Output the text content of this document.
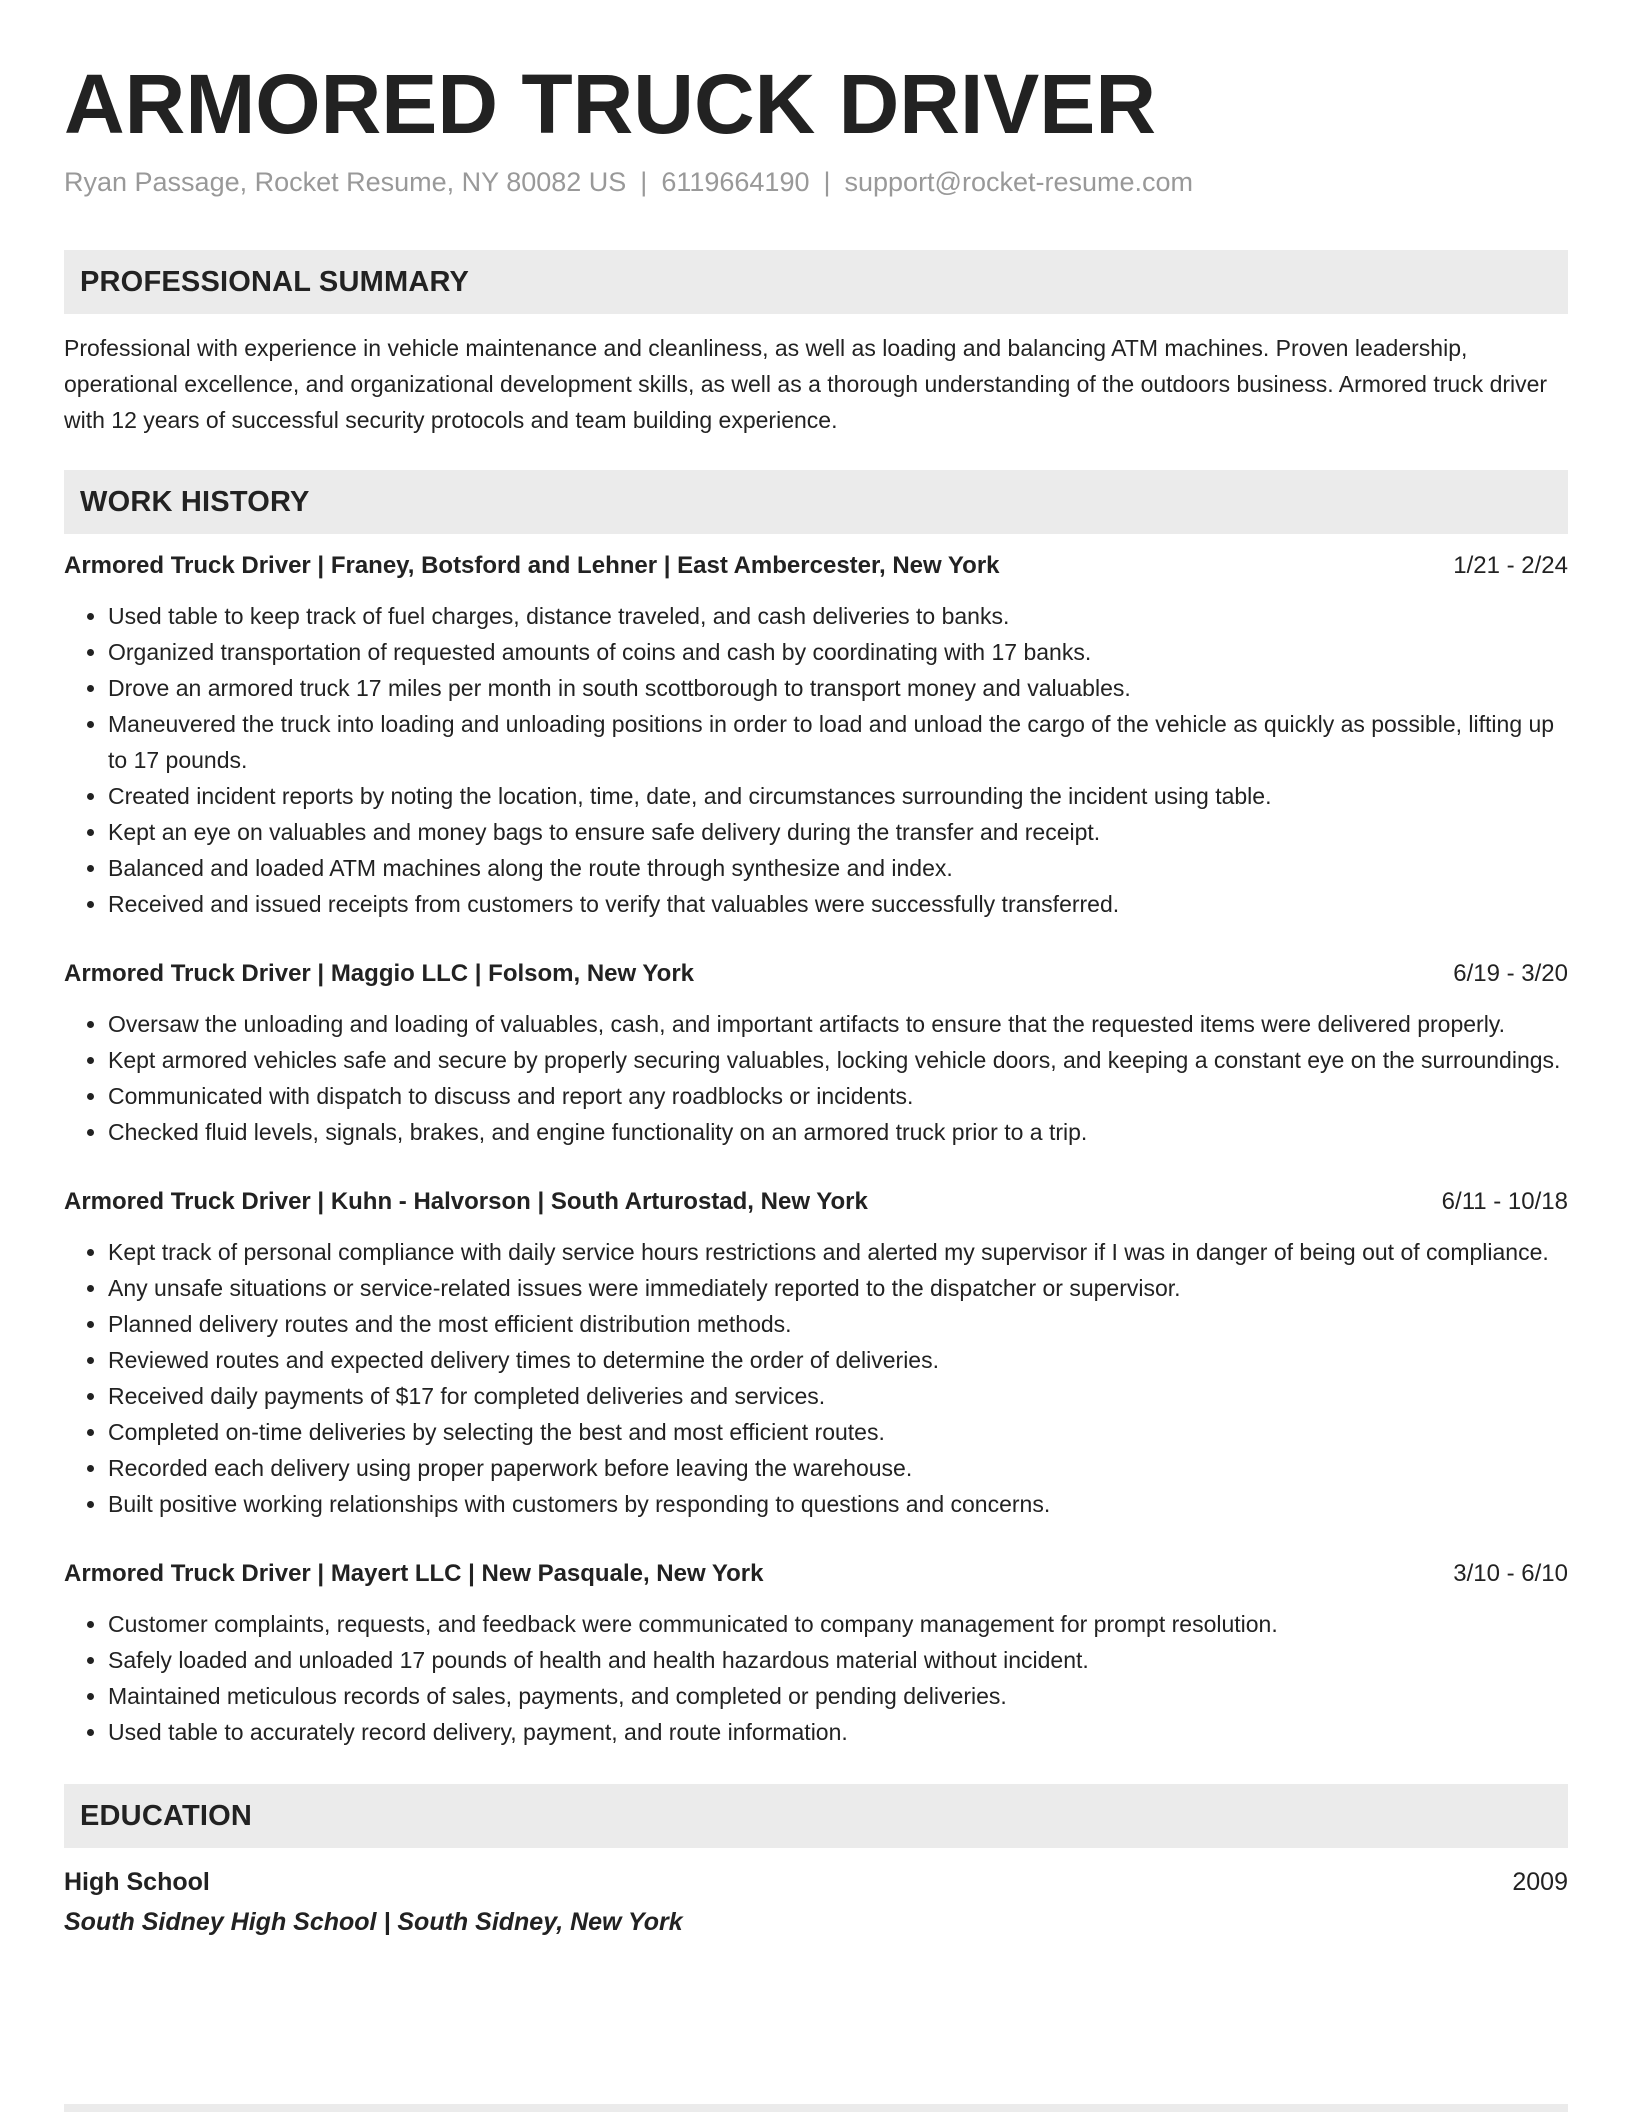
ARMORED TRUCK DRIVER
Ryan Passage, Rocket Resume, NY 80082 US | 6119664190 | support@rocket-resume.com
PROFESSIONAL SUMMARY
Professional with experience in vehicle maintenance and cleanliness, as well as loading and balancing ATM machines. Proven leadership, operational excellence, and organizational development skills, as well as a thorough understanding of the outdoors business. Armored truck driver with 12 years of successful security protocols and team building experience.
WORK HISTORY
Armored Truck Driver | Franey, Botsford and Lehner | East Ambercester, New York	1/21 - 2/24
• Used table to keep track of fuel charges, distance traveled, and cash deliveries to banks.
• Organized transportation of requested amounts of coins and cash by coordinating with 17 banks.
• Drove an armored truck 17 miles per month in south scottborough to transport money and valuables.
• Maneuvered the truck into loading and unloading positions in order to load and unload the cargo of the vehicle as quickly as possible, lifting up to 17 pounds.
• Created incident reports by noting the location, time, date, and circumstances surrounding the incident using table.
• Kept an eye on valuables and money bags to ensure safe delivery during the transfer and receipt.
• Balanced and loaded ATM machines along the route through synthesize and index.
• Received and issued receipts from customers to verify that valuables were successfully transferred.
Armored Truck Driver | Maggio LLC | Folsom, New York	6/19 - 3/20
• Oversaw the unloading and loading of valuables, cash, and important artifacts to ensure that the requested items were delivered properly.
• Kept armored vehicles safe and secure by properly securing valuables, locking vehicle doors, and keeping a constant eye on the surroundings.
• Communicated with dispatch to discuss and report any roadblocks or incidents.
• Checked fluid levels, signals, brakes, and engine functionality on an armored truck prior to a trip.
Armored Truck Driver | Kuhn - Halvorson | South Arturostad, New York	6/11 - 10/18
• Kept track of personal compliance with daily service hours restrictions and alerted my supervisor if I was in danger of being out of compliance.
• Any unsafe situations or service-related issues were immediately reported to the dispatcher or supervisor.
• Planned delivery routes and the most efficient distribution methods.
• Reviewed routes and expected delivery times to determine the order of deliveries.
• Received daily payments of $17 for completed deliveries and services.
• Completed on-time deliveries by selecting the best and most efficient routes.
• Recorded each delivery using proper paperwork before leaving the warehouse.
• Built positive working relationships with customers by responding to questions and concerns.
Armored Truck Driver | Mayert LLC | New Pasquale, New York	3/10 - 6/10
• Customer complaints, requests, and feedback were communicated to company management for prompt resolution.
• Safely loaded and unloaded 17 pounds of health and health hazardous material without incident.
• Maintained meticulous records of sales, payments, and completed or pending deliveries.
• Used table to accurately record delivery, payment, and route information.
EDUCATION
High School	2009
South Sidney High School | South Sidney, New York
